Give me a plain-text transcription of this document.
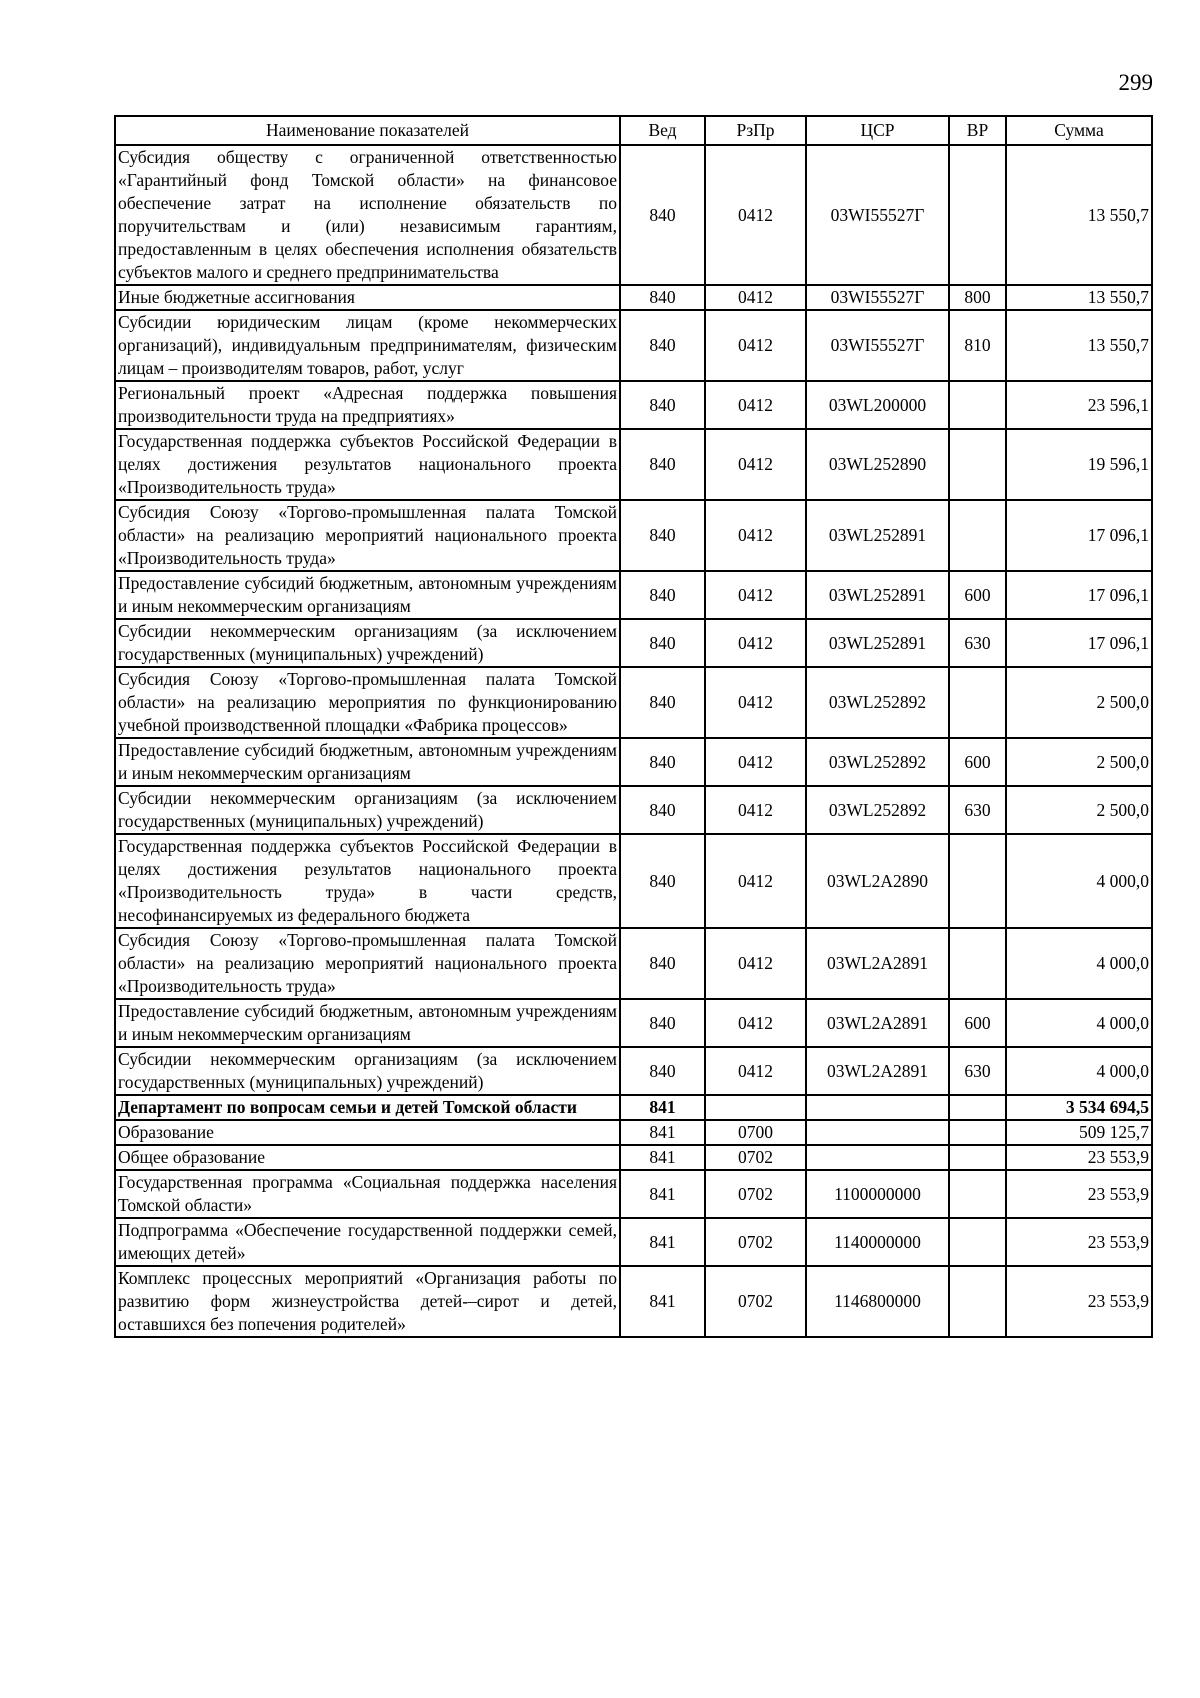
299
Наименование показателей	Вед	РзПр	ЦСР	ВР	Сумма
Субсидия обществу с ограниченной ответственностью «Гарантийный фонд Томской области» на финансовое обеспечение затрат на исполнение обязательств по поручительствам и (или) независимым гарантиям, предоставленным в целях обеспечения исполнения обязательств субъектов малого и среднего предпринимательства	840	0412	03WI55527Г		13 550,7
Иные бюджетные ассигнования	840	0412	03WI55527Г	800	13 550,7
Субсидии юридическим лицам (кроме некоммерческих организаций), индивидуальным предпринимателям, физическим лицам – производителям товаров, работ, услуг	840	0412	03WI55527Г	810	13 550,7
Региональный проект «Адресная поддержка повышения производительности труда на предприятиях»	840	0412	03WL200000		23 596,1
Государственная поддержка субъектов Российской Федерации в целях достижения результатов национального проекта «Производительность труда»	840	0412	03WL252890		19 596,1
Субсидия Союзу «Торгово-промышленная палата Томской области» на реализацию мероприятий национального проекта «Производительность труда»	840	0412	03WL252891		17 096,1
Предоставление субсидий бюджетным, автономным учреждениям и иным некоммерческим организациям	840	0412	03WL252891	600	17 096,1
Субсидии некоммерческим организациям (за исключением государственных (муниципальных) учреждений)	840	0412	03WL252891	630	17 096,1
Субсидия Союзу «Торгово-промышленная палата Томской области» на реализацию мероприятия по функционированию учебной производственной площадки «Фабрика процессов»	840	0412	03WL252892		2 500,0
Предоставление субсидий бюджетным, автономным учреждениям и иным некоммерческим организациям	840	0412	03WL252892	600	2 500,0
Субсидии некоммерческим организациям (за исключением государственных (муниципальных) учреждений)	840	0412	03WL252892	630	2 500,0
Государственная поддержка субъектов Российской Федерации в целях достижения результатов национального проекта «Производительность труда» в части средств, несофинансируемых из федерального бюджета	840	0412	03WL2A2890		4 000,0
Субсидия Союзу «Торгово-промышленная палата Томской области» на реализацию мероприятий национального проекта «Производительность труда»	840	0412	03WL2A2891		4 000,0
Предоставление субсидий бюджетным, автономным учреждениям и иным некоммерческим организациям	840	0412	03WL2A2891	600	4 000,0
Субсидии некоммерческим организациям (за исключением государственных (муниципальных) учреждений)	840	0412	03WL2A2891	630	4 000,0
Департамент по вопросам семьи и детей Томской области	841				3 534 694,5
Образование	841	0700			509 125,7
Общее образование	841	0702			23 553,9
Государственная программа «Социальная поддержка населения Томской области»	841	0702	1100000000		23 553,9
Подпрограмма «Обеспечение государственной поддержки семей, имеющих детей»	841	0702	1140000000		23 553,9
Комплекс процессных мероприятий «Организация работы по развитию форм жизнеустройства детей-–сирот и детей, оставшихся без попечения родителей»	841	0702	1146800000		23 553,9
